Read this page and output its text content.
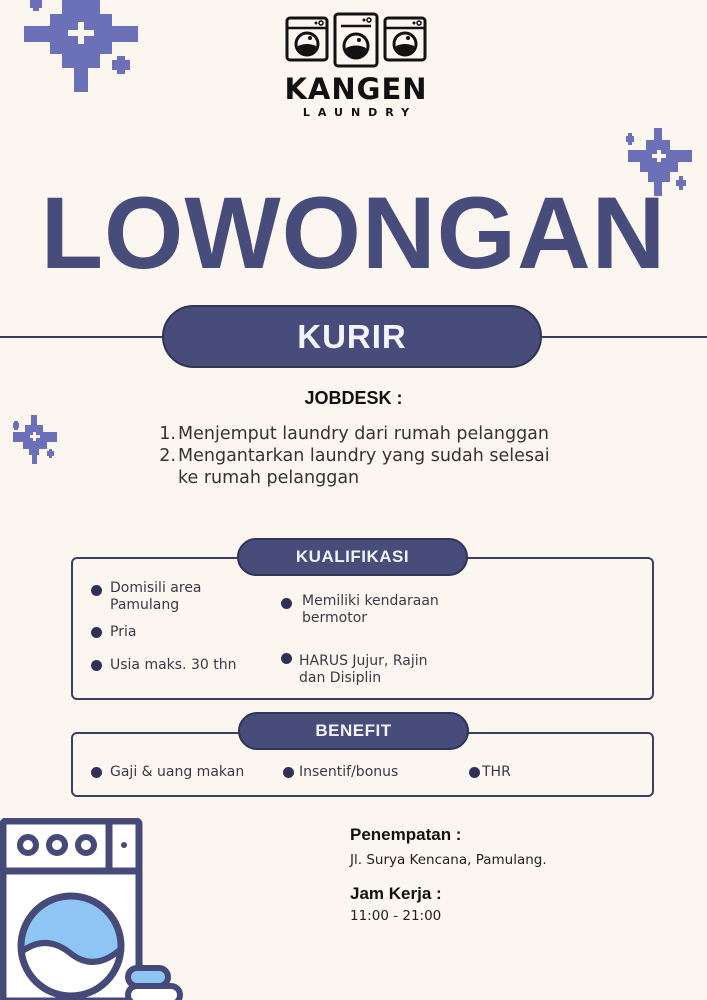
KANGEN
LAUNDRY
LOWONGAN
KURIR
JOBDESK :
1. Menjemput laundry dari rumah pelanggan
2. Mengantarkan laundry yang sudah selesai
ke rumah pelanggan
KUALIFIKASI
Domisili area
Pamulang
Pria
Usia maks. 30 thn
Memiliki kendaraan
bermotor
HARUS Jujur, Rajin
dan Disiplin
BENEFIT
Gaji & uang makan	Insentif/bonus	THR
Penempatan :
Jl. Surya Kencana, Pamulang.
Jam Kerja :
11:00 - 21:00
